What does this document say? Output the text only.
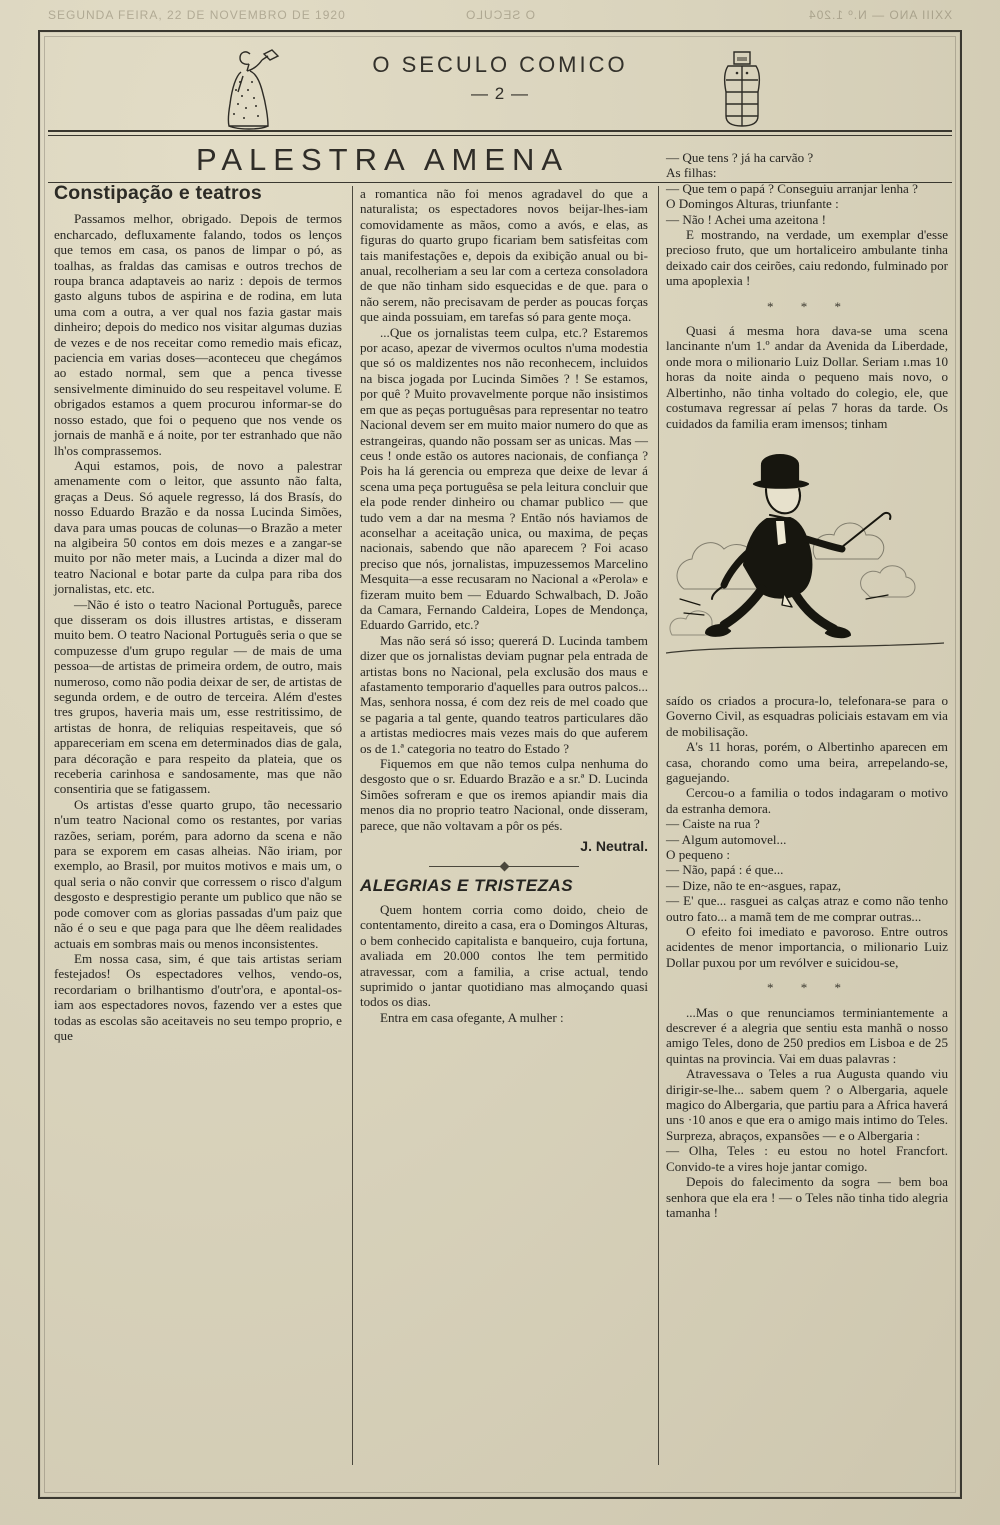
SEGUNDA FEIRA, 22 DE NOVEMBRO DE 1920	O SECULO	XXIII ANO — N.º 1.204
O SECULO COMICO
— 2 —
PALESTRA AMENA
Constipação e teatros

Passamos melhor, obrigado. Depois de termos encharcado, defluxamente falando, todos os lenços que temos em casa, os panos de limpar o pó, as toalhas, as fraldas das camisas e outros trechos de roupa branca adaptaveis ao nariz : depois de termos gasto alguns tubos de aspirina e de rodina, em luta uma com a outra, a ver qual nos fazia gastar mais dinheiro; depois do medico nos visitar algumas duzias de vezes e de nos receitar como remedio mais eficaz, paciencia em varias doses—aconteceu que chegámos ao estado normal, sem que a penca tivesse sensivelmente diminuido do seu respeitavel volume. E obrigados estamos a quem procurou informar-se do nosso estado, que foi o pequeno que nos vende os jornais de manhã e á noite, por ter estranhado que não lh'os comprassemos.

Aqui estamos, pois, de novo a palestrar amenamente com o leitor, que assunto não falta, graças a Deus. Só aquele regresso, lá dos Brasís, do nosso Eduardo Brazão e da nossa Lucinda Simões, dava para umas poucas de colunas—o Brazão a meter na algibeira 50 contos em dois mezes e a zangar-se muito por não meter mais, a Lucinda a dizer mal do teatro Nacional e botar parte da culpa para riba dos jornalistas, etc. etc.

—Não é isto o teatro Nacional Portuguễs, parece que disseram os dois illustres artistas, e disseram muito bem. O teatro Nacional Português seria o que se compuzesse d'um grupo regular — de mais de uma pessoa—de artistas de primeira ordem, de outro, mais numeroso, como não podia deixar de ser, de artistas de segunda ordem, e de outro de terceira. Além d'estes tres grupos, haveria mais um, esse restritissimo, de artistas de honra, de reliquias respeitaveis, que só appareceriam em scena em determinados dias de gala, para décoração e para respeito da plateia, que os receberia carinhosa e sandosamente, mas que não consentiria que se fatigassem.

Os artistas d'esse quarto grupo, tão necessario n'um teatro Nacional como os restantes, por varias razões, seriam, porém, para adorno da scena e não para se exporem em casas alheias. Não iriam, por exemplo, ao Brasil, por muitos motivos e mais um, o qual seria o não convir que corressem o risco d'algum desgosto e desprestigio perante um publico que não se pode comover com as glorias passadas d'um paiz que não é o seu e que paga para que lhe dêem realidades actuais em sombras mais ou menos inconsistentes.

Em nossa casa, sim, é que tais artistas seriam festejados! Os espectadores velhos, vendo-os, recordariam o brilhantismo d'outr'ora, e apontal-os-iam aos espectadores novos, fazendo ver a estes que todas as escolas são aceitaveis no seu tempo proprio, e que

a romantica não foi menos agradavel do que a naturalista; os espectadores novos beijar-lhes-iam comovidamente as mãos, como a avós, e elas, as figuras do quarto grupo ficariam bem satisfeitas com tais manifestações e, depois da exibição anual ou bi-anual, recolheriam a seu lar com a certeza consoladora de que não tinham sido esquecidas e de que. para o não serem, não precisavam de perder as poucas forças que ainda possuiam, em tarefas só para gente moça.

...Que os jornalistas teem culpa, etc.? Estaremos por acaso, apezar de vivermos ocultos n'uma modestia que só os maldizentes nos não reconhecem, incluidos na bisca jogada por Lucinda Simões ? ! Se estamos, por quê ? Muito provavelmente porque não insistimos em que as peças portuguêsas para representar no teatro Nacional devem ser em muito maior numero do que as estrangeiras, quando não possam ser as unicas. Mas — ceus ! onde estão os autores nacionais, de confiança ? Pois ha lá gerencia ou empreza que deixe de levar á scena uma peça portuguêsa se pela leitura concluir que ela pode render dinheiro ou chamar publico — que tudo vem a dar na mesma ? Então nós haviamos de aconselhar a aceitação unica, ou maxima, de peças nacionais, sabendo que não aparecem ? Foi acaso preciso que nós, jornalistas, impuzessemos Marcelino Mesquita—a esse recusaram no Nacional a «Perola» e fizeram muito bem — Eduardo Schwalbach, D. João da Camara, Fernando Caldeira, Lopes de Mendonça, Eduardo Garrido, etc.?

Mas não será só isso; quererá D. Lucinda tambem dizer que os jornalistas deviam pugnar pela entrada de artistas bons no Nacional, pela exclusão dos maus e afastamento temporario d'aquelles para outros palcos... Mas, senhora nossa, é com dez reis de mel coado que se pagaria a tal gente, quando teatros particulares dão a artistas mediocres mais vezes mais do que auferem os de 1.ª categoria no teatro do Estado ?

Fiquemos em que não temos culpa nenhuma do desgosto que o sr. Eduardo Brazão e a sr.ª D. Lucinda Simões sofreram e que os iremos apiandir mais dia menos dia no proprio teatro Nacional, onde disseram, parece, que não voltavam a pôr os pés.

J. Neutral.
ALEGRIAS E TRISTEZAS

Quem hontem corria como doido, cheio de contentamento, direito a casa, era o Domingos Alturas, o bem conhecido capitalista e banqueiro, cuja fortuna, avaliada em 20.000 contos lhe tem permitido atravessar, com a familia, a crise actual, tendo suprimido o jantar quotidiano mas almoçando quasi todos os dias.

Entra em casa ofegante, A mulher :

— Que tens ? já ha carvão ?

As filhas:

— Que tem o papá ? Conseguiu arranjar lenha ?

O Domingos Alturas, triunfante :

— Não ! Achei uma azeitona !

E mostrando, na verdade, um exemplar d'esse precioso fruto, que um hortaliceiro ambulante tinha deixado cair dos ceirões, caiu redondo, fulminado por uma apoplexia !

* * *

Quasi á mesma hora dava-se uma scena lancinante n'um 1.º andar da Avenida da Liberdade, onde mora o milionario Luiz Dollar. Seriam ı.mas 10 horas da noite ainda o pequeno mais novo, o Albertinho, não tinha voltado do colegio, ele, que costumava regressar aí pelas 7 horas da tarde. Os cuidados da familia eram imensos; tinham

saído os criados a procura-lo, telefonara-se para o Governo Civil, as esquadras policiais estavam em via de mobilisação.

A's 11 horas, porém, o Albertinho aparecen em casa, chorando como uma beira, arrepelando-se, gaguejando.

Cercou-o a familia o todos indagaram o motivo da estranha demora.

— Caiste na rua ?

— Algum automovel...

O pequeno :

— Não, papá : é que...

— Dize, não te en~asgues, rapaz,

— E' que... rasguei as calças atraz e como não tenho outro fato... a mamã tem de me comprar outras...

O efeito foi imediato e pavoroso. Entre outros acidentes de menor importancia, o milionario Luiz Dollar puxou por um revólver e suicidou-se,

* * *

...Mas o que renunciamos terminiantemente a descrever é a alegria que sentiu esta manhã o nosso amigo Teles, dono de 250 predios em Lisboa e de 25 quintas na provincia. Vai em duas palavras :

Atravessava o Teles a rua Augusta quando viu dirigir-se-lhe... sabem quem ? o Albergaria, aquele magico do Albergaria, que partiu para a Africa haverá uns ·10 anos e que era o amigo mais intimo do Teles. Surpreza, abraços, expansões — e o Albergaria :

— Olha, Teles : eu estou no hotel Francfort. Convido-te a vires hoje jantar comigo.

Depois do falecimento da sogra — bem boa senhora que ela era ! — o Teles não tinha tido alegria tamanha !
